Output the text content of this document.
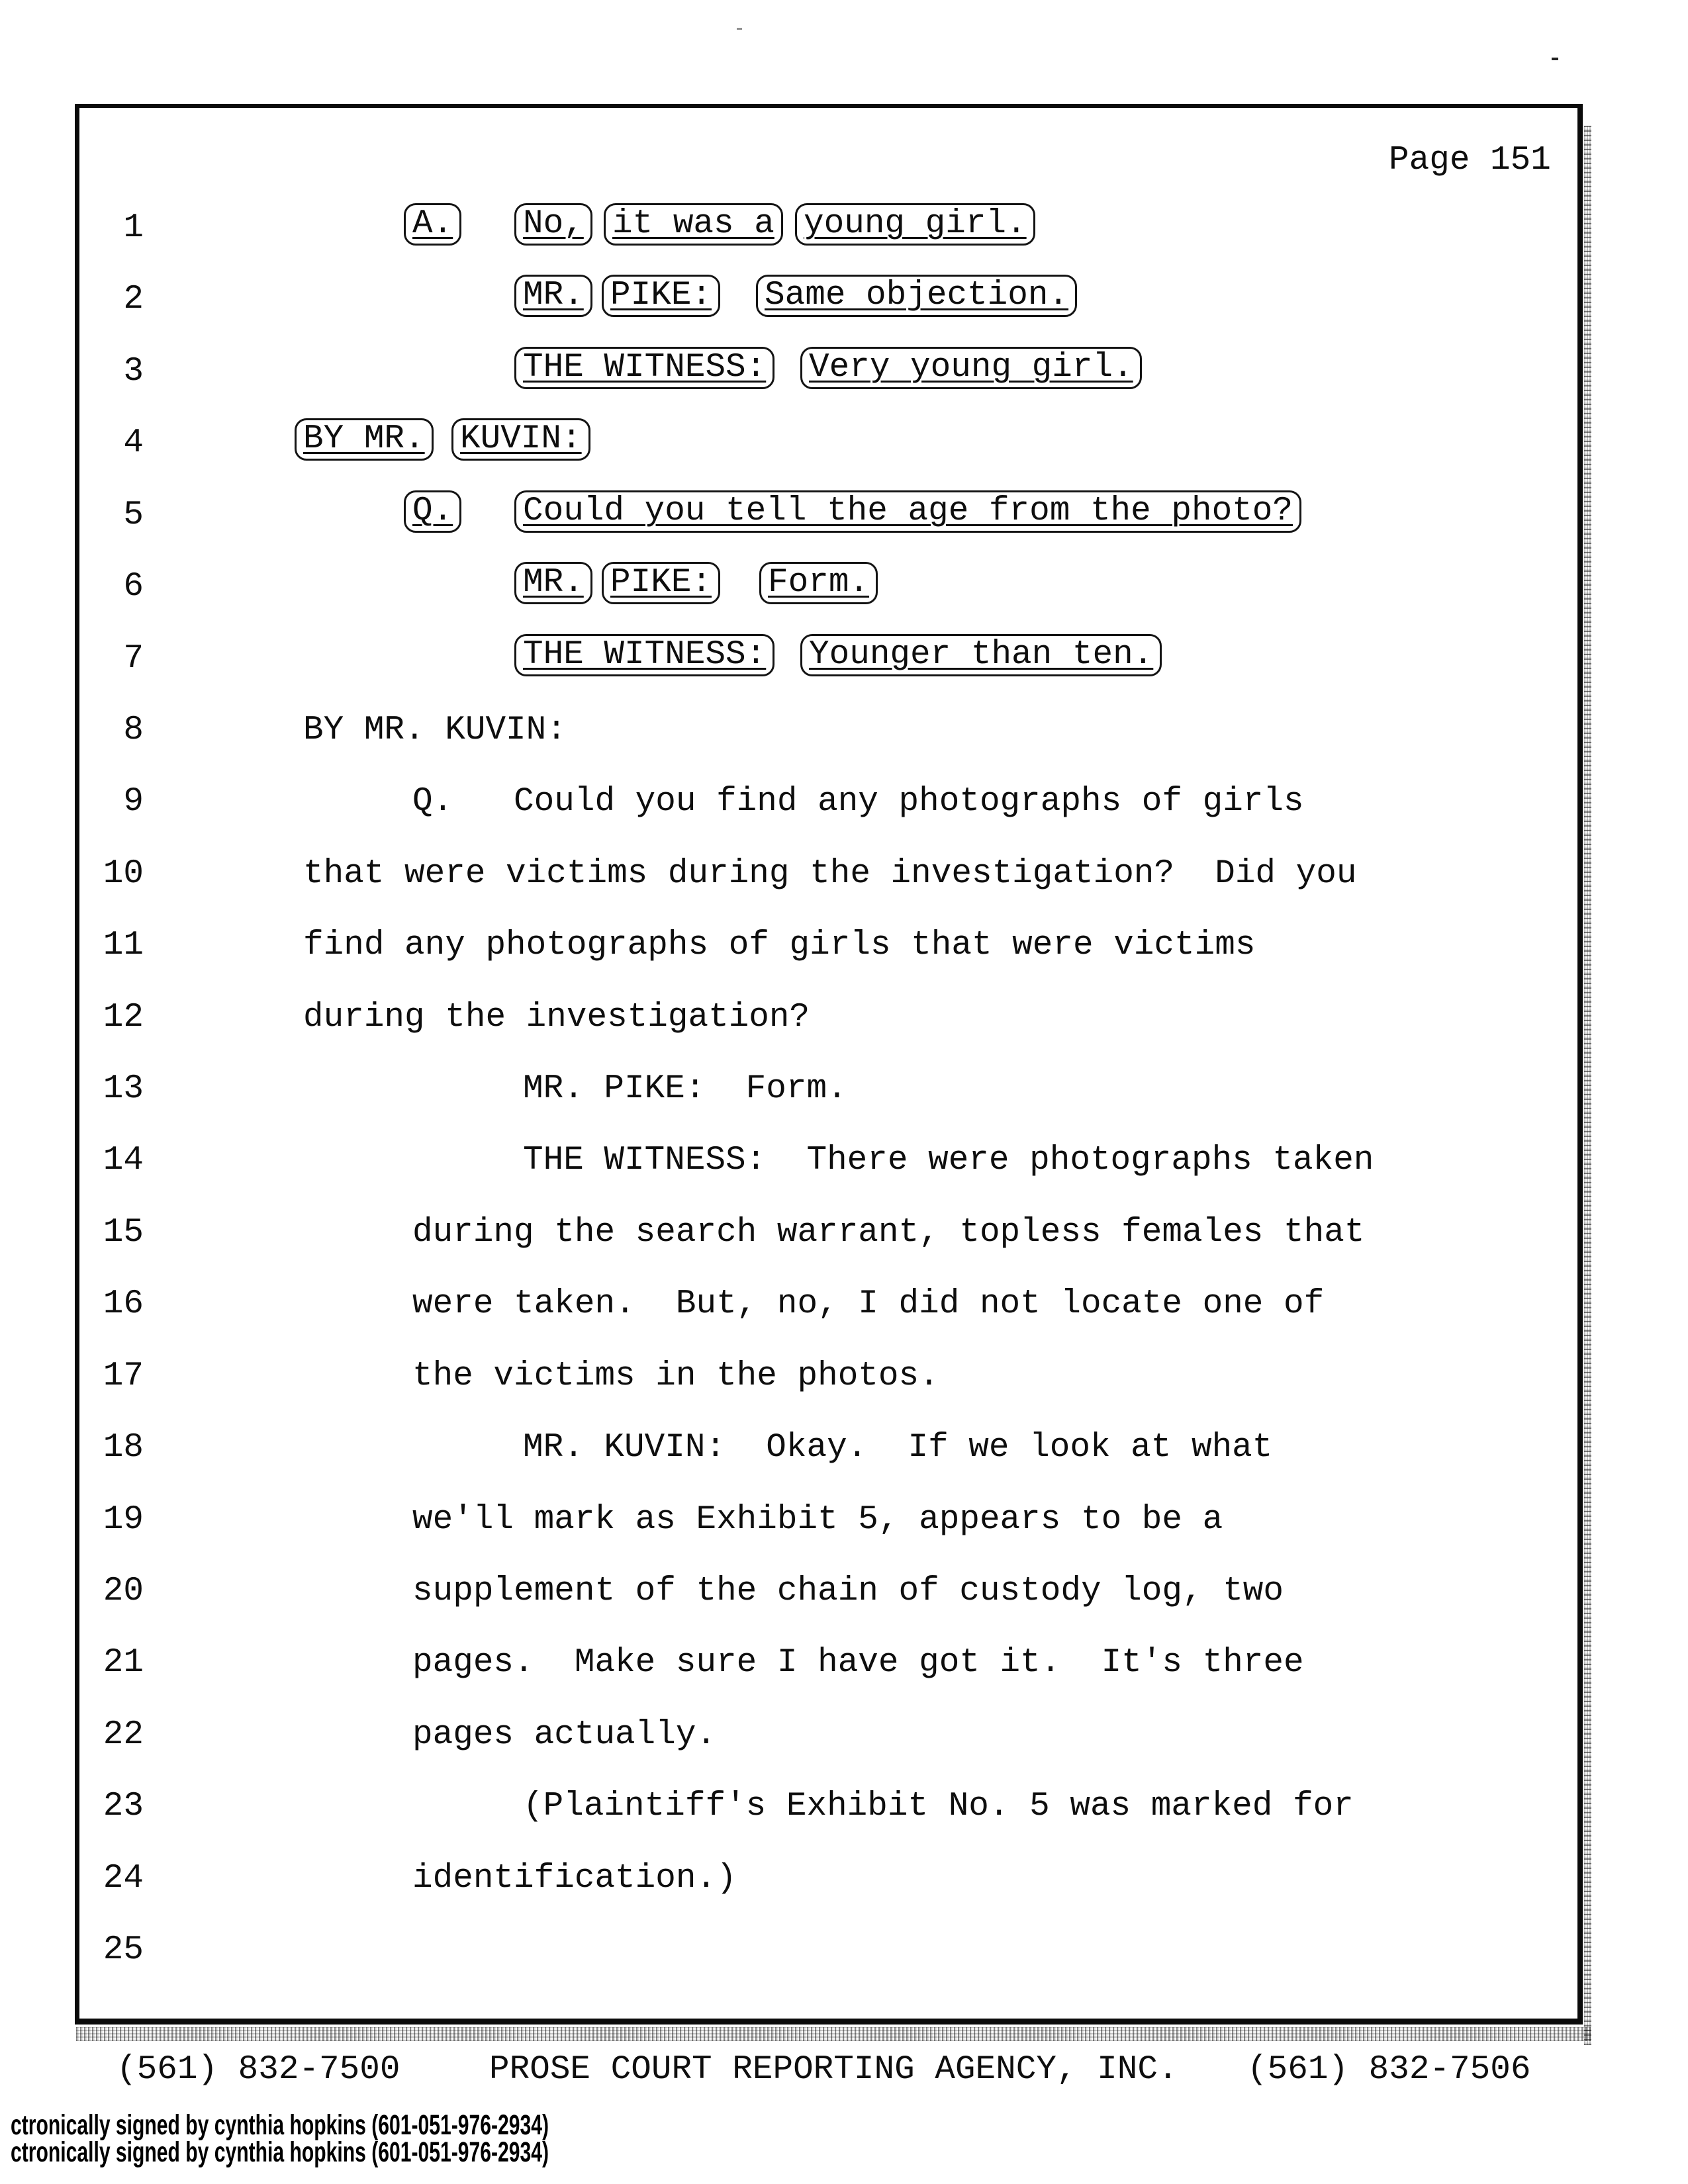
Page 151
1	A. No, it was a young girl.
2	MR. PIKE: Same objection.
3	THE WITNESS: Very young girl.
4	BY MR. KUVIN:
5	Q. Could you tell the age from the photo?
6	MR. PIKE: Form.
7	THE WITNESS: Younger than ten.
8	BY MR. KUVIN:
9	Q.   Could you find any photographs of girls
10	that were victims during the investigation?  Did you
11	find any photographs of girls that were victims
12	during the investigation?
13	MR. PIKE:  Form.
14	THE WITNESS:  There were photographs taken
15	during the search warrant, topless females that
16	were taken.  But, no, I did not locate one of
17	the victims in the photos.
18	MR. KUVIN:  Okay.  If we look at what
19	we'll mark as Exhibit 5, appears to be a
20	supplement of the chain of custody log, two
21	pages.  Make sure I have got it.  It's three
22	pages actually.
23	(Plaintiff's Exhibit No. 5 was marked for
24	identification.)
25
(561) 832-7500	PROSE COURT REPORTING AGENCY, INC. (561) 832-7506
ctronically signed by cynthia hopkins (601-051-976-2934)
ctronically signed by cynthia hopkins (601-051-976-2934)
